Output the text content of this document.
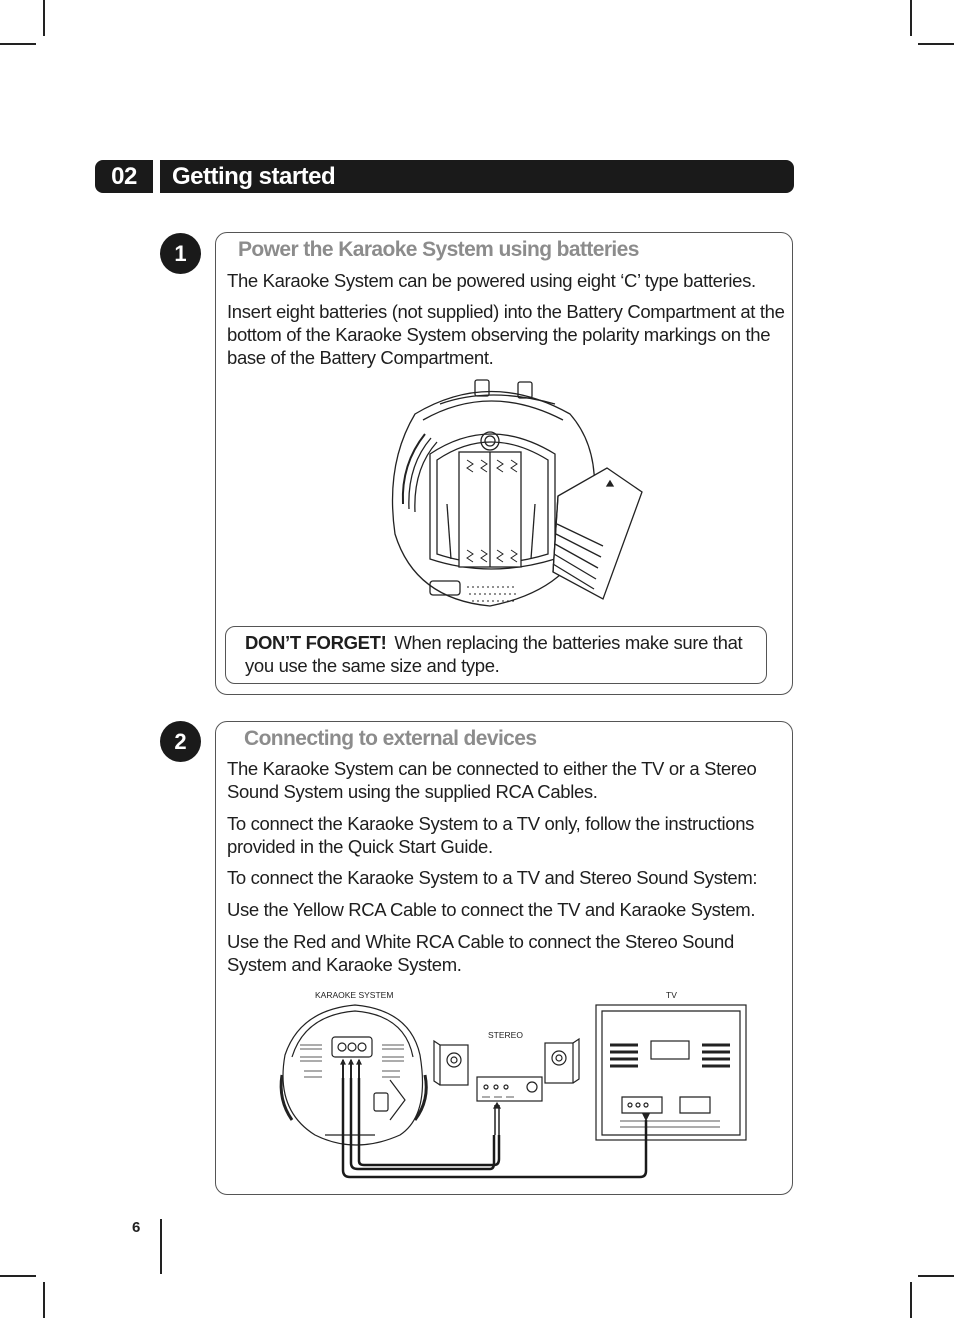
02	Getting started
1	Power the Karaoke System using batteries
The Karaoke System can be powered using eight ‘C’ type batteries.
Insert eight batteries (not supplied) into the Battery Compartment at the bottom of the Karaoke System observing the polarity markings on the base of the Battery Compartment.
DON’T FORGET! When replacing the batteries make sure that you use the same size and type.
2	Connecting to external devices
The Karaoke System can be connected to either the TV or a Stereo Sound System using the supplied RCA Cables.
To connect the Karaoke System to a TV only, follow the instructions provided in the Quick Start Guide.
To connect the Karaoke System to a TV and Stereo Sound System:
Use the Yellow RCA Cable to connect the TV and Karaoke System.
Use the Red and White RCA Cable to connect the Stereo Sound System and Karaoke System.
KARAOKE SYSTEM
STEREO
TV
6
